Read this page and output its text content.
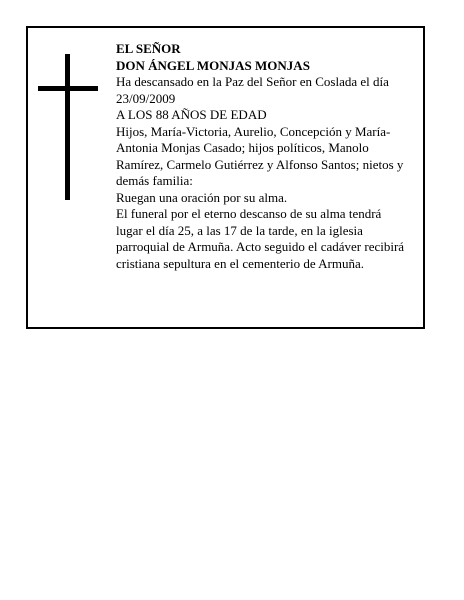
EL SEÑOR
DON ÁNGEL MONJAS MONJAS
Ha descansado en la Paz del Señor en Coslada el día
23/09/2009
A LOS 88 AÑOS DE EDAD
Hijos, María-Victoria, Aurelio, Concepción y María-
Antonia Monjas Casado; hijos políticos, Manolo
Ramírez, Carmelo Gutiérrez y Alfonso Santos; nietos y
demás familia:
Ruegan una oración por su alma.
El funeral por el eterno descanso de su alma tendrá
lugar el día 25, a las 17 de la tarde, en la iglesia
parroquial de Armuña. Acto seguido el cadáver recibirá
cristiana sepultura en el cementerio de Armuña.
